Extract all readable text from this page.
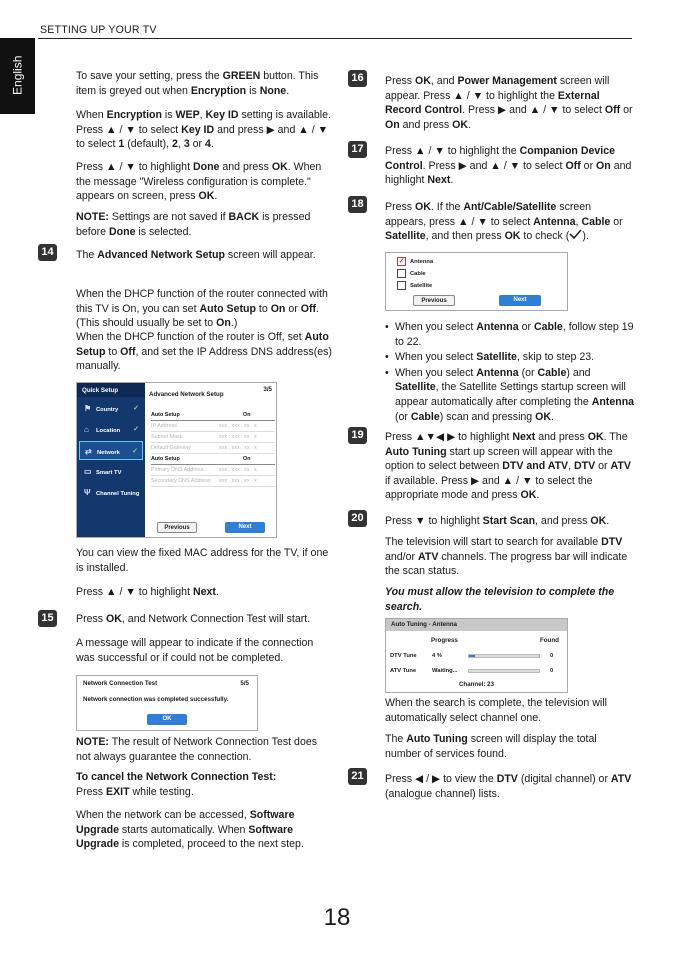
SETTING UP YOUR TV
English	To save your setting, press the GREEN button. This item is greyed out when Encryption is None.

When Encryption is WEP, Key ID setting is available. Press ▲ / ▼ to select Key ID and press ▶ and ▲ / ▼ to select 1 (default), 2, 3 or 4.

Press ▲ / ▼ to highlight Done and press OK. When the message "Wireless configuration is complete." appears on screen, press OK.

NOTE: Settings are not saved if BACK is pressed before Done is selected.

14	The Advanced Network Setup screen will appear.

When the DHCP function of the router connected with this TV is On, you can set Auto Setup to On or Off. (This should usually be set to On.)

When the DHCP function of the router is Off, set Auto Setup to Off, and set the IP Address DNS address(es) manually.

Quick Setup
⚑ Country ✓
⌂ Location ✓
⇄ Network ✓
▭ Smart TV
Ψ Channel Tuning
Advanced Network Setup
3/5
Auto Setup	On
IP Address	xxx . xxx . xx . x
Subnet Mask	xxx . xxx . xx . x
Default Gateway	xxx . xxx . xx . x
Auto Setup	On
Primary DNS Address	xxx . xxx . xx . x
Secondary DNS Address xxx . xxx . xx . x
Previous	Next

You can view the fixed MAC address for the TV, if one is installed.

Press ▲ / ▼ to highlight Next.

15	Press OK, and Network Connection Test will start.

A message will appear to indicate if the connection was successful or if could not be completed.

Network Connection Test	5/5
Network connection was completed successfully.
OK

NOTE: The result of Network Connection Test does not always guarantee the connection.

To cancel the Network Connection Test:
Press EXIT while testing.

When the network can be accessed, Software Upgrade starts automatically. When Software Upgrade is completed, proceed to the next step.

16	Press OK, and Power Management screen will appear. Press ▲ / ▼ to highlight the External Record Control. Press ▶ and ▲ / ▼ to select Off or On and press OK.

17	Press ▲ / ▼ to highlight the Companion Device Control. Press ▶ and ▲ / ▼ to select Off or On and highlight Next.

18	Press OK. If the Ant/Cable/Satellite screen appears, press ▲ / ▼ to select Antenna, Cable or Satellite, and then press OK to check ( ).

✓ Antenna
Cable
Satellite
Previous	Next
• When you select Antenna or Cable, follow step 19 to 22.
• When you select Satellite, skip to step 23.
• When you select Antenna (or Cable) and Satellite, the Satellite Settings startup screen will appear automatically after completing the Antenna (or Cable) scan and pressing OK.
19	Press ▲▼◀ ▶ to highlight Next and press OK. The Auto Tuning start up screen will appear with the option to select between DTV and ATV, DTV or ATV if available. Press ▶ and ▲ / ▼ to select the appropriate mode and press OK.

20	Press ▼ to highlight Start Scan, and press OK.

The television will start to search for available DTV and/or ATV channels. The progress bar will indicate the scan status.

You must allow the television to complete the search.

Auto Tuning - Antenna
Progress	Found
DTV Tune	4 %	0
ATV Tune	Waiting...	0
Channel: 23

When the search is complete, the television will automatically select channel one.

The Auto Tuning screen will display the total number of services found.

21	Press ◀ / ▶ to view the DTV (digital channel) or ATV (analogue channel) lists.

18
